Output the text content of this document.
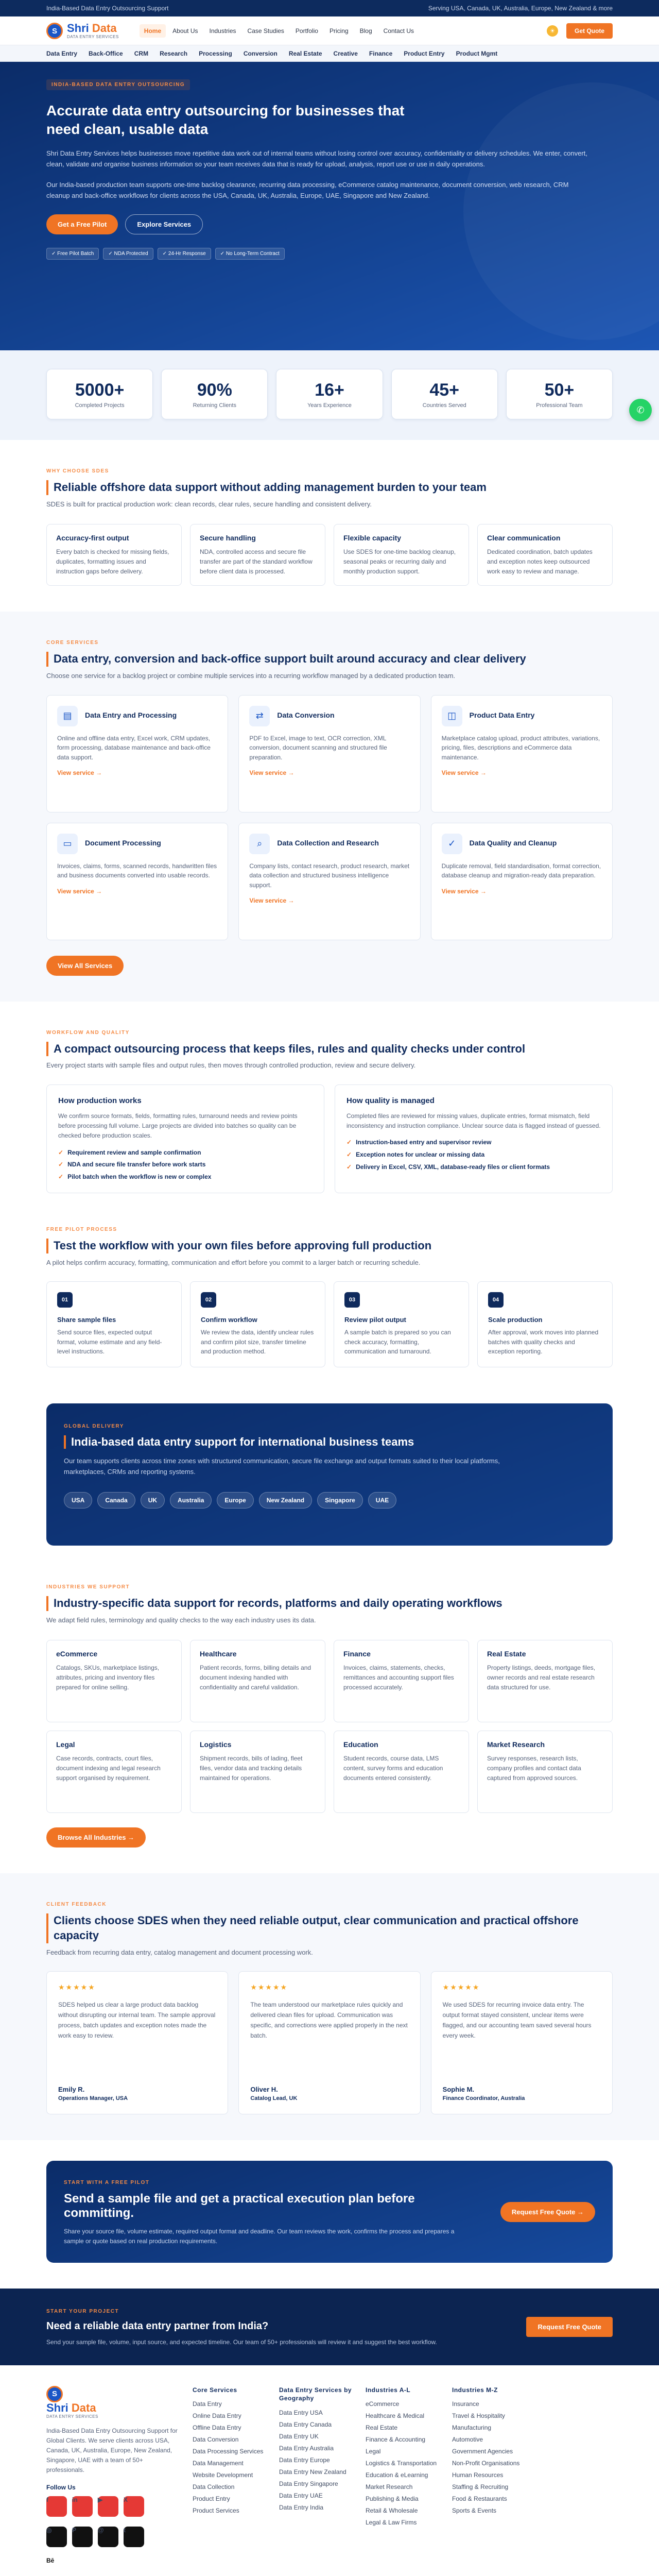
India-Based Data Entry Outsourcing Support	Serving USA, Canada, UK, Australia, Europe, New Zealand & more
S Shri Data
DATA ENTRY SERVICES
Home	About Us	Industries	Case Studies	Portfolio	Pricing	Blog	Contact Us	☀	Get Quote
Data Entry Back-Office CRM Research Processing Conversion Real Estate Creative Finance Product Entry Product Mgmt
INDIA-BASED DATA ENTRY OUTSOURCING
Accurate data entry outsourcing for businesses that need clean, usable data

Shri Data Entry Services helps businesses move repetitive data work out of internal teams without losing control over accuracy, confidentiality or delivery schedules. We enter, convert, clean, validate and organise business information so your team receives data that is ready for upload, analysis, report use or use in daily operations.

Our India-based production team supports one-time backlog clearance, recurring data processing, eCommerce catalog maintenance, document conversion, web research, CRM cleanup and back-office workflows for clients across the USA, Canada, UK, Australia, Europe, UAE, Singapore and New Zealand.

Get a Free Pilot	Explore Services
✓ Free Pilot Batch	✓ NDA Protected	✓ 24-Hr Response	✓ No Long-Term Contract
✆
5000+
Completed Projects
90%
Returning Clients
16+
Years Experience
45+
Countries Served
50+
Professional Team
WHY CHOOSE SDES
Reliable offshore data support without adding management burden to your team

SDES is built for practical production work: clean records, clear rules, secure handling and consistent delivery.

Accuracy-first output

Every batch is checked for missing fields, duplicates, formatting issues and instruction gaps before delivery.

Secure handling

NDA, controlled access and secure file transfer are part of the standard workflow before client data is processed.

Flexible capacity

Use SDES for one-time backlog cleanup, seasonal peaks or recurring daily and monthly production support.

Clear communication

Dedicated coordination, batch updates and exception notes keep outsourced work easy to review and manage.

CORE SERVICES
Data entry, conversion and back-office support built around accuracy and clear delivery

Choose one service for a backlog project or combine multiple services into a recurring workflow managed by a dedicated production team.

▤	Data Entry and Processing

Online and offline data entry, Excel work, CRM updates, form processing, database maintenance and back-office data support.

View service →
⇄	Data Conversion

PDF to Excel, image to text, OCR correction, XML conversion, document scanning and structured file preparation.

View service →
◫	Product Data Entry

Marketplace catalog upload, product attributes, variations, pricing, files, descriptions and eCommerce data maintenance.

View service →
▭	Document Processing

Invoices, claims, forms, scanned records, handwritten files and business documents converted into usable records.

View service →
⌕	Data Collection and Research

Company lists, contact research, product research, market data collection and structured business intelligence support.

View service →
✓	Data Quality and Cleanup

Duplicate removal, field standardisation, format correction, database cleanup and migration-ready data preparation.

View service →
View All Services
WORKFLOW AND QUALITY
A compact outsourcing process that keeps files, rules and quality checks under control

Every project starts with sample files and output rules, then moves through controlled production, review and secure delivery.

How production works

We confirm source formats, fields, formatting rules, turnaround needs and review points before processing full volume. Large projects are divided into batches so quality can be checked before production scales.

✓ Requirement review and sample confirmation
✓ NDA and secure file transfer before work starts
✓ Pilot batch when the workflow is new or complex
How quality is managed

Completed files are reviewed for missing values, duplicate entries, format mismatch, field inconsistency and instruction compliance. Unclear source data is flagged instead of guessed.

✓ Instruction-based entry and supervisor review
✓ Exception notes for unclear or missing data
✓ Delivery in Excel, CSV, XML, database-ready files or client formats
FREE PILOT PROCESS
Test the workflow with your own files before approving full production

A pilot helps confirm accuracy, formatting, communication and effort before you commit to a larger batch or recurring schedule.

01
Share sample files

Send source files, expected output format, volume estimate and any field-level instructions.

02
Confirm workflow

We review the data, identify unclear rules and confirm pilot size, transfer timeline and production method.

03
Review pilot output

A sample batch is prepared so you can check accuracy, formatting, communication and turnaround.

04
Scale production

After approval, work moves into planned batches with quality checks and exception reporting.

GLOBAL DELIVERY
India-based data entry support for international business teams

Our team supports clients across time zones with structured communication, secure file exchange and output formats suited to their local platforms, marketplaces, CRMs and reporting systems.

USA	Canada	UK	Australia	Europe	New Zealand	Singapore	UAE
INDUSTRIES WE SUPPORT
Industry-specific data support for records, platforms and daily operating workflows

We adapt field rules, terminology and quality checks to the way each industry uses its data.

eCommerce

Catalogs, SKUs, marketplace listings, attributes, pricing and inventory files prepared for online selling.

Healthcare

Patient records, forms, billing details and document indexing handled with confidentiality and careful validation.

Finance

Invoices, claims, statements, checks, remittances and accounting support files processed accurately.

Real Estate

Property listings, deeds, mortgage files, owner records and real estate research data structured for use.

Legal

Case records, contracts, court files, document indexing and legal research support organised by requirement.

Logistics

Shipment records, bills of lading, fleet files, vendor data and tracking details maintained for operations.

Education

Student records, course data, LMS content, survey forms and education documents entered consistently.

Market Research

Survey responses, research lists, company profiles and contact data captured from approved sources.

Browse All Industries →
CLIENT FEEDBACK
Clients choose SDES when they need reliable output, clear communication and practical offshore capacity

Feedback from recurring data entry, catalog management and document processing work.

★★★★★

SDES helped us clear a large product data backlog without disrupting our internal team. The sample approval process, batch updates and exception notes made the work easy to review.

Emily R.
Operations Manager, USA
★★★★★

The team understood our marketplace rules quickly and delivered clean files for upload. Communication was specific, and corrections were applied properly in the next batch.

Oliver H.
Catalog Lead, UK
★★★★★

We used SDES for recurring invoice data entry. The output format stayed consistent, unclear items were flagged, and our accounting team saved several hours every week.

Sophie M.
Finance Coordinator, Australia
START WITH A FREE PILOT
Send a sample file and get a practical execution plan before committing.

Share your source file, volume estimate, required output format and deadline. Our team reviews the work, confirms the process and prepares a sample or quote based on real production requirements.

Request Free Quote →
START YOUR PROJECT
Need a reliable data entry partner from India?

Send your sample file, volume, input source, and expected timeline. Our team of 50+ professionals will review it and suggest the best workflow.

Request Free Quote
S
Shri Data
DATA ENTRY SERVICES

India-Based Data Entry Outsourcing Support for Global Clients. We serve clients across USA, Canada, UK, Australia, Europe, New Zealand, Singapore, UAE with a team of 50+ professionals.

Follow Us
f	in	▶	X
◎	P	@	t
Bē
Core Services
Data Entry
Online Data Entry
Offline Data Entry
Data Conversion
Data Processing Services
Data Management
Website Development
Data Collection
Product Entry
Product Services
Data Entry Services by Geography
Data Entry USA
Data Entry Canada
Data Entry UK
Data Entry Australia
Data Entry Europe
Data Entry New Zealand
Data Entry Singapore
Data Entry UAE
Data Entry India
Industries A-L
eCommerce
Healthcare & Medical
Real Estate
Finance & Accounting
Legal
Logistics & Transportation
Education & eLearning
Market Research
Publishing & Media
Retail & Wholesale
Legal & Law Firms
Industries M-Z
Insurance
Travel & Hospitality
Manufacturing
Automotive
Government Agencies
Non-Profit Organisations
Human Resources
Staffing & Recruiting
Food & Restaurants
Sports & Events
